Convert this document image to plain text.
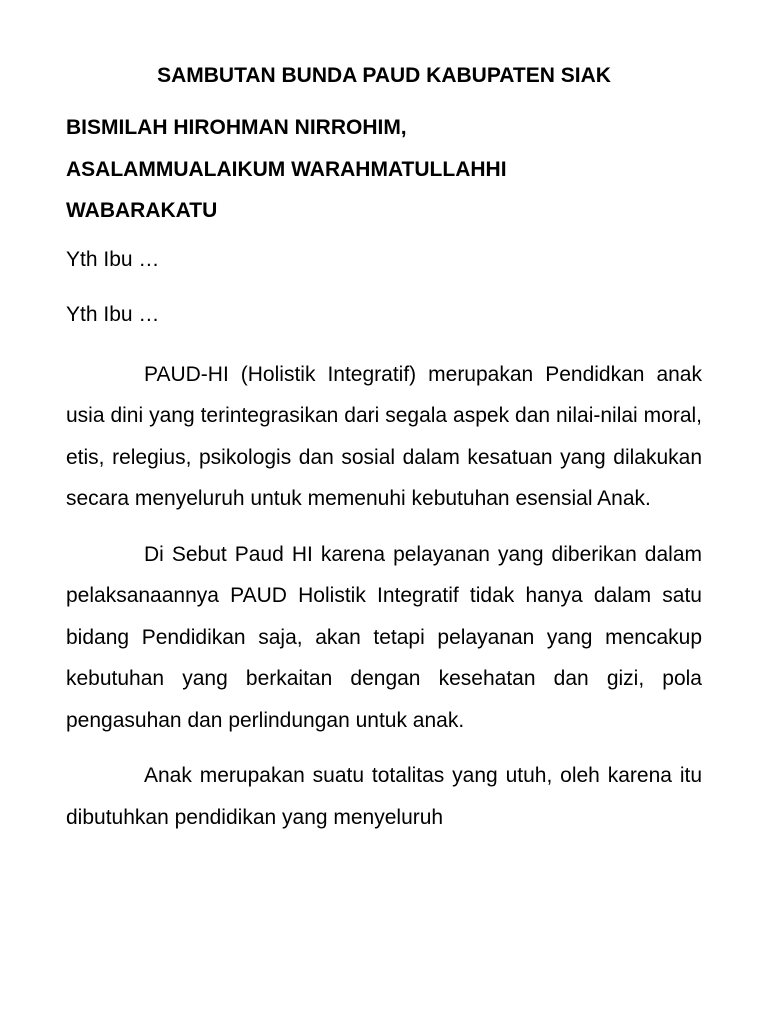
SAMBUTAN BUNDA PAUD KABUPATEN SIAK
BISMILAH HIROHMAN NIRROHIM,
ASALAMMUALAIKUM WARAHMATULLAHHI
WABARAKATU
Yth Ibu …
Yth Ibu …

PAUD-HI (Holistik Integratif) merupakan Pendidkan anak usia dini yang terintegrasikan dari segala aspek dan nilai-nilai moral, etis, relegius, psikologis dan sosial dalam kesatuan yang dilakukan secara menyeluruh untuk memenuhi kebutuhan esensial Anak.

Di Sebut Paud HI karena pelayanan yang diberikan dalam pelaksanaannya PAUD Holistik Integratif tidak hanya dalam satu bidang Pendidikan saja, akan tetapi pelayanan yang mencakup kebutuhan yang berkaitan dengan kesehatan dan gizi, pola pengasuhan dan perlindungan untuk anak.

Anak merupakan suatu totalitas yang utuh, oleh karena itu dibutuhkan pendidikan yang menyeluruh
